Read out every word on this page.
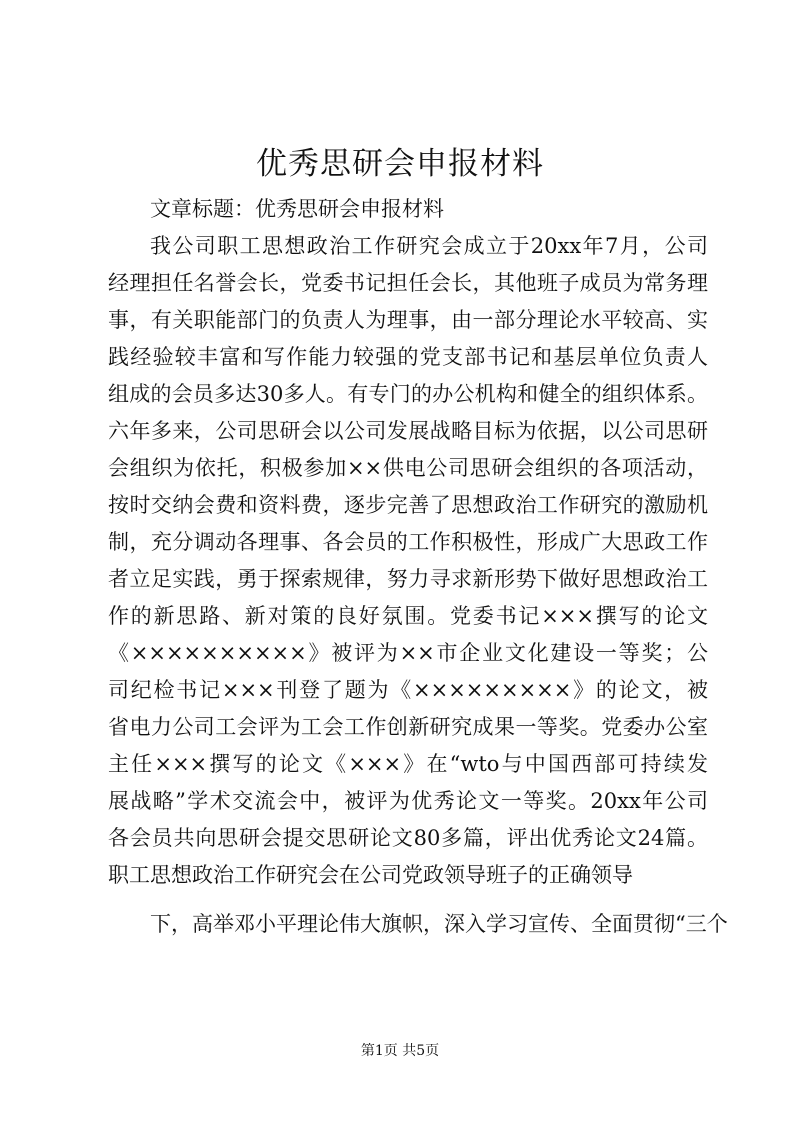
优秀思研会申报材料

文章标题：优秀思研会申报材料

我公司职工思想政治工作研究会成立于20xx年7月，公司

经理担任名誉会长，党委书记担任会长，其他班子成员为常务理

事，有关职能部门的负责人为理事，由一部分理论水平较高、实

践经验较丰富和写作能力较强的党支部书记和基层单位负责人

组成的会员多达30多人。有专门的办公机构和健全的组织体系。

六年多来，公司思研会以公司发展战略目标为依据，以公司思研

会组织为依托，积极参加××供电公司思研会组织的各项活动，

按时交纳会费和资料费，逐步完善了思想政治工作研究的激励机

制，充分调动各理事、各会员的工作积极性，形成广大思政工作

者立足实践，勇于探索规律，努力寻求新形势下做好思想政治工

作的新思路、新对策的良好氛围。党委书记×××撰写的论文

《××××××××××》被评为××市企业文化建设一等奖；公

司纪检书记×××刊登了题为《×××××××××》的论文，被

省电力公司工会评为工会工作创新研究成果一等奖。党委办公室

主任×××撰写的论文《×××》在“wto与中国西部可持续发

展战略”学术交流会中，被评为优秀论文一等奖。20xx年公司

各会员共向思研会提交思研论文80多篇，评出优秀论文24篇。

职工思想政治工作研究会在公司党政领导班子的正确领导

下，高举邓小平理论伟大旗帜，深入学习宣传、全面贯彻“三个

第1页 共5页
